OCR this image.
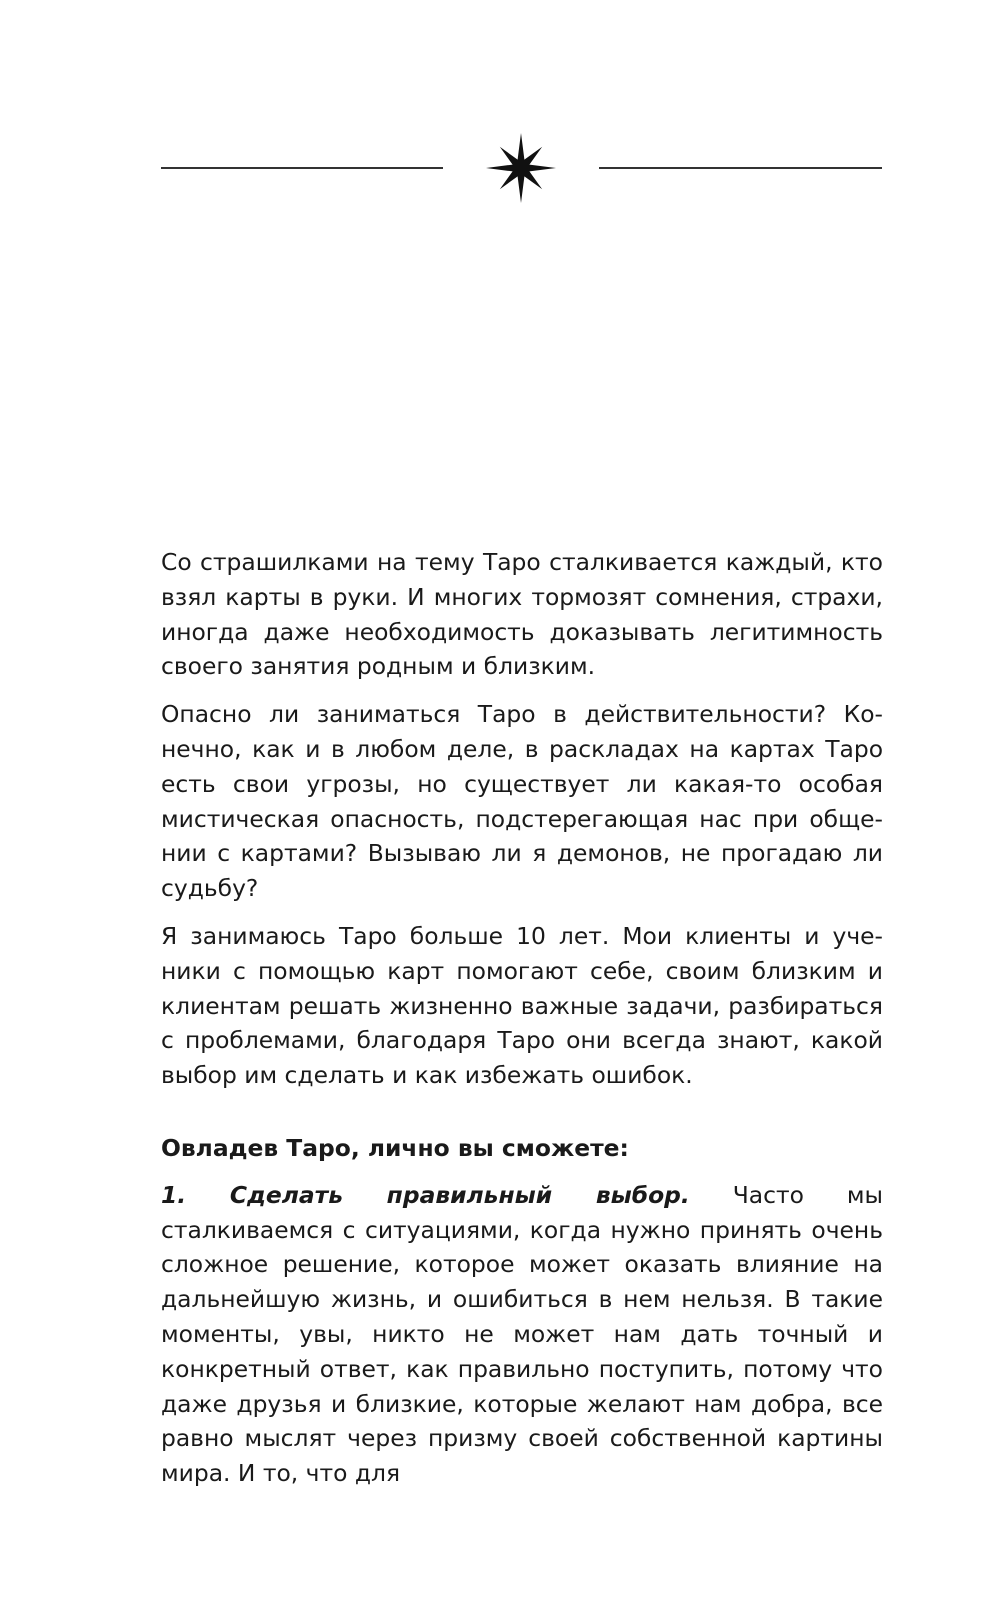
Со страшилками на тему Таро сталкивается каждый, кто взял карты в руки. И многих тормозят сомнения, страхи, иногда даже необходимость доказывать легитимность своего занятия родным и близким.

Опасно ли заниматься Таро в действительности? Конечно, как и в любом деле, в раскладах на картах Таро есть свои угрозы, но существует ли какая-то особая мистическая опасность, подстерегающая нас при общении с картами? Вызываю ли я демонов, не прогадаю ли судьбу?

Я занимаюсь Таро больше 10 лет. Мои клиенты и ученики с помощью карт помогают себе, своим близким и клиентам решать жизненно важные задачи, разбираться с проблемами, благодаря Таро они всегда знают, какой выбор им сделать и как избежать ошибок.

Овладев Таро, лично вы сможете:

1. Сделать правильный выбор. Часто мы сталкиваемся с ситуациями, когда нужно принять очень сложное решение, которое может оказать влияние на дальнейшую жизнь, и ошибиться в нем нельзя. В такие моменты, увы, никто не может нам дать точный и конкретный ответ, как правильно поступить, потому что даже друзья и близкие, которые желают нам добра, все равно мыслят через призму своей собственной картины мира. И то, что для
